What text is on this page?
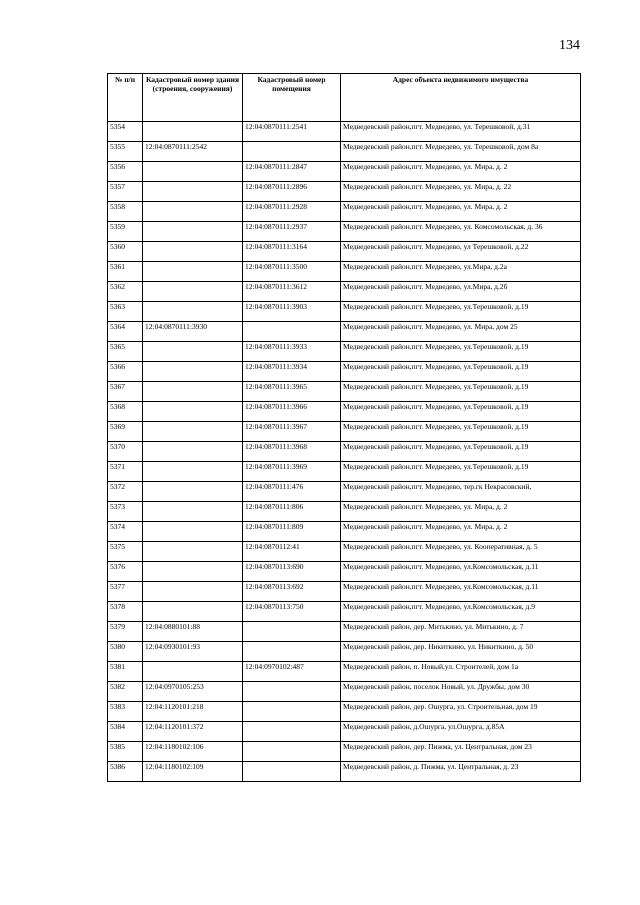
134
№ п/п	Кадастровый номер здания (строения, сооружения)	Кадастровый номер помещения	Адрес объекта недвижимого имущества
5354		12:04:0870111:2541	Медведевский район,пгт. Медведево, ул. Терешковой, д.31
5355	12:04:0870111:2542		Медведевский район,пгт. Медведево, ул. Терешковой, дом 8а
5356		12:04:0870111:2847	Медведевский район,пгт. Медведево, ул. Мира, д. 2
5357		12:04:0870111:2896	Медведевский район,пгт. Медведево, ул. Мира, д. 22
5358		12:04:0870111:2928	Медведевский район,пгт. Медведево, ул. Мира, д. 2
5359		12:04:0870111:2937	Медведевский район,пгт. Медведево, ул. Комсомольская, д. 36
5360		12:04:0870111:3164	Медведевский район,пгт. Медведево, ул Терешковой, д.22
5361		12:04:0870111:3500	Медведевский район,пгт. Медведево, ул.Мира, д.2а
5362		12:04:0870111:3612	Медведевский район,пгт. Медведево, ул.Мира, д.2б
5363		12:04:0870111:3903	Медведевский район,пгт. Медведево, ул.Терешковой, д.19
5364	12:04:0870111:3930		Медведевский район,пгт. Медведево, ул. Мира, дом 25
5365		12:04:0870111:3933	Медведевский район,пгт. Медведево, ул.Терешковой, д.19
5366		12:04:0870111:3934	Медведевский район,пгт. Медведево, ул.Терешковой, д.19
5367		12:04:0870111:3965	Медведевский район,пгт. Медведево, ул.Терешковой, д.19
5368		12:04:0870111:3966	Медведевский район,пгт. Медведево, ул.Терешковой, д.19
5369		12:04:0870111:3967	Медведевский район,пгт. Медведево, ул.Терешковой, д.19
5370		12:04:0870111:3968	Медведевский район,пгт. Медведево, ул.Терешковой, д.19
5371		12:04:0870111:3969	Медведевский район,пгт. Медведево, ул.Терешковой, д.19
5372		12:04:0870111:476	Медведевский район,пгт. Медведево, тер.гк Некрасовский,
5373		12:04:0870111:806	Медведевский район,пгт. Медведево, ул. Мира, д. 2
5374		12:04:0870111:809	Медведевский район,пгт. Медведево, ул. Мира, д. 2
5375		12:04:0870112:41	Медведевский район,пгт. Медведево, ул. Кооперативная, д. 5
5376		12:04:0870113:690	Медведевский район,пгт. Медведево, ул.Комсомольская, д.11
5377		12:04:0870113:692	Медведевский район,пгт. Медведево, ул.Комсомольская, д.11
5378		12:04:0870113:750	Медведевский район,пгт. Медведево, ул.Комсомольская, д.9
5379	12:04:0880101:88		Медведевский район, дер. Митькино, ул. Митькино, д. 7
5380	12:04:0930101:93		Медведевский район, дер. Никиткино, ул. Никиткино, д. 50
5381		12:04:0970102:487	Медведевский район, п. Новый,ул. Строителей, дом 1а
5382	12:04:0970105:253		Медведевский район, поселок Новый, ул. Дружбы, дом 30
5383	12:04:1120101:218		Медведевский район, дер. Ошурга, ул. Строительная, дом 19
5384	12:04:1120101:372		Медведевский район, д.Ошурга, ул.Ошурга, д.85А
5385	12:04:1180102:106		Медведевский район, дер. Пижма, ул. Центральная, дом 23
5386	12:04:1180102:109		Медведевский район, д. Пижма, ул. Центральная, д. 23
